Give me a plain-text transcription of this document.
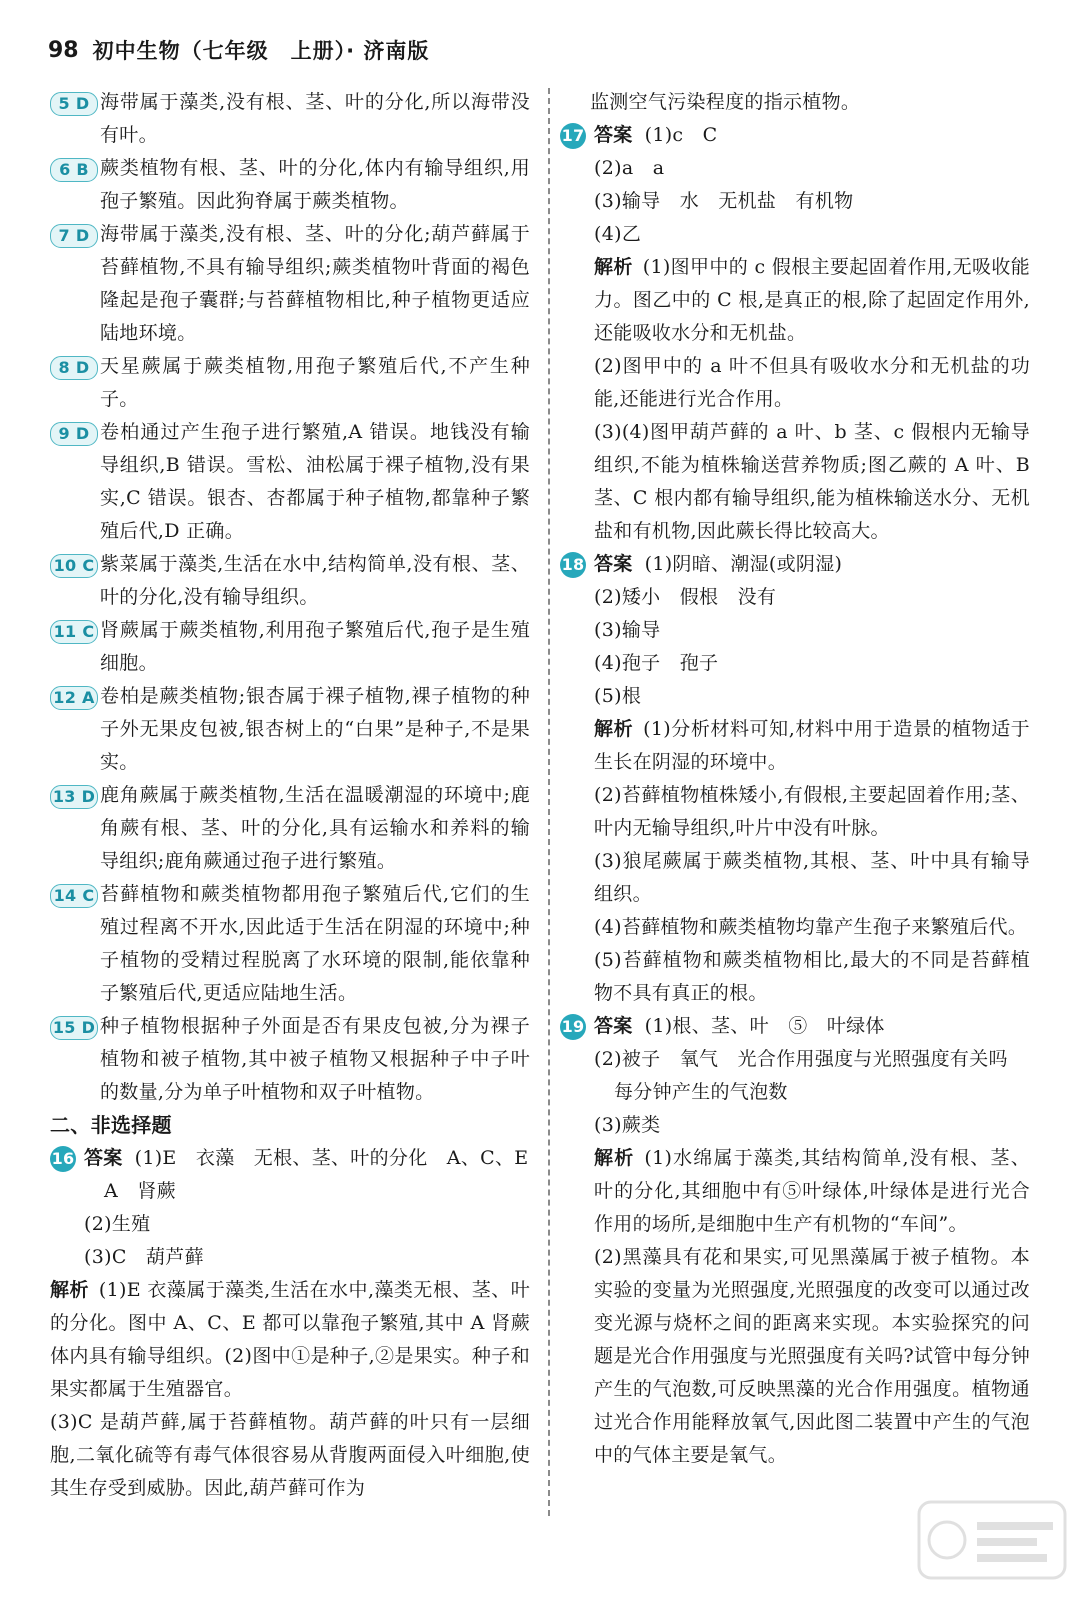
98 初中生物（七年级　上册）· 济南版
5 D 海带属于藻类,没有根、茎、叶的分化,所以海带没有叶。
6 B 蕨类植物有根、茎、叶的分化,体内有输导组织,用孢子繁殖。因此狗脊属于蕨类植物。
7 D 海带属于藻类,没有根、茎、叶的分化;葫芦藓属于苔藓植物,不具有输导组织;蕨类植物叶背面的褐色隆起是孢子囊群;与苔藓植物相比,种子植物更适应陆地环境。
8 D 天星蕨属于蕨类植物,用孢子繁殖后代,不产生种子。
9 D 卷柏通过产生孢子进行繁殖,A 错误。地钱没有输导组织,B 错误。雪松、油松属于裸子植物,没有果实,C 错误。银杏、杏都属于种子植物,都靠种子繁殖后代,D 正确。
10 C 紫菜属于藻类,生活在水中,结构简单,没有根、茎、叶的分化,没有输导组织。
11 C 肾蕨属于蕨类植物,利用孢子繁殖后代,孢子是生殖细胞。
12 A 卷柏是蕨类植物;银杏属于裸子植物,裸子植物的种子外无果皮包被,银杏树上的“白果”是种子,不是果实。
13 D 鹿角蕨属于蕨类植物,生活在温暖潮湿的环境中;鹿角蕨有根、茎、叶的分化,具有运输水和养料的输导组织;鹿角蕨通过孢子进行繁殖。
14 C 苔藓植物和蕨类植物都用孢子繁殖后代,它们的生殖过程离不开水,因此适于生活在阴湿的环境中;种子植物的受精过程脱离了水环境的限制,能依靠种子繁殖后代,更适应陆地生活。
15 D 种子植物根据种子外面是否有果皮包被,分为裸子植物和被子植物,其中被子植物又根据种子中子叶的数量,分为单子叶植物和双子叶植物。
二、非选择题
16 答案 (1)E　衣藻　无根、茎、叶的分化　A、C、E
A　肾蕨
(2)生殖
(3)C　葫芦藓
解析 (1)E 衣藻属于藻类,生活在水中,藻类无根、茎、叶的分化。图中 A、C、E 都可以靠孢子繁殖,其中 A 肾蕨体内具有输导组织。(2)图中①是种子,②是果实。种子和果实都属于生殖器官。
(3)C 是葫芦藓,属于苔藓植物。葫芦藓的叶只有一层细胞,二氧化硫等有毒气体很容易从背腹两面侵入叶细胞,使其生存受到威胁。因此,葫芦藓可作为
监测空气污染程度的指示植物。
17 答案 (1)c　C
(2)a　a
(3)输导　水　无机盐　有机物
(4)乙
解析 (1)图甲中的 c 假根主要起固着作用,无吸收能力。图乙中的 C 根,是真正的根,除了起固定作用外,还能吸收水分和无机盐。
(2)图甲中的 a 叶不但具有吸收水分和无机盐的功能,还能进行光合作用。
(3)(4)图甲葫芦藓的 a 叶、b 茎、c 假根内无输导组织,不能为植株输送营养物质;图乙蕨的 A 叶、B 茎、C 根内都有输导组织,能为植株输送水分、无机盐和有机物,因此蕨长得比较高大。
18 答案 (1)阴暗、潮湿(或阴湿)
(2)矮小　假根　没有
(3)输导
(4)孢子　孢子
(5)根
解析 (1)分析材料可知,材料中用于造景的植物适于生长在阴湿的环境中。
(2)苔藓植物植株矮小,有假根,主要起固着作用;茎、叶内无输导组织,叶片中没有叶脉。
(3)狼尾蕨属于蕨类植物,其根、茎、叶中具有输导组织。
(4)苔藓植物和蕨类植物均靠产生孢子来繁殖后代。
(5)苔藓植物和蕨类植物相比,最大的不同是苔藓植物不具有真正的根。
19 答案 (1)根、茎、叶　⑤　叶绿体
(2)被子　氧气　光合作用强度与光照强度有关吗
每分钟产生的气泡数
(3)蕨类
解析 (1)水绵属于藻类,其结构简单,没有根、茎、叶的分化,其细胞中有⑤叶绿体,叶绿体是进行光合作用的场所,是细胞中生产有机物的“车间”。
(2)黑藻具有花和果实,可见黑藻属于被子植物。本实验的变量为光照强度,光照强度的改变可以通过改变光源与烧杯之间的距离来实现。本实验探究的问题是光合作用强度与光照强度有关吗?试管中每分钟产生的气泡数,可反映黑藻的光合作用强度。植物通过光合作用能释放氧气,因此图二装置中产生的气泡中的气体主要是氧气。
